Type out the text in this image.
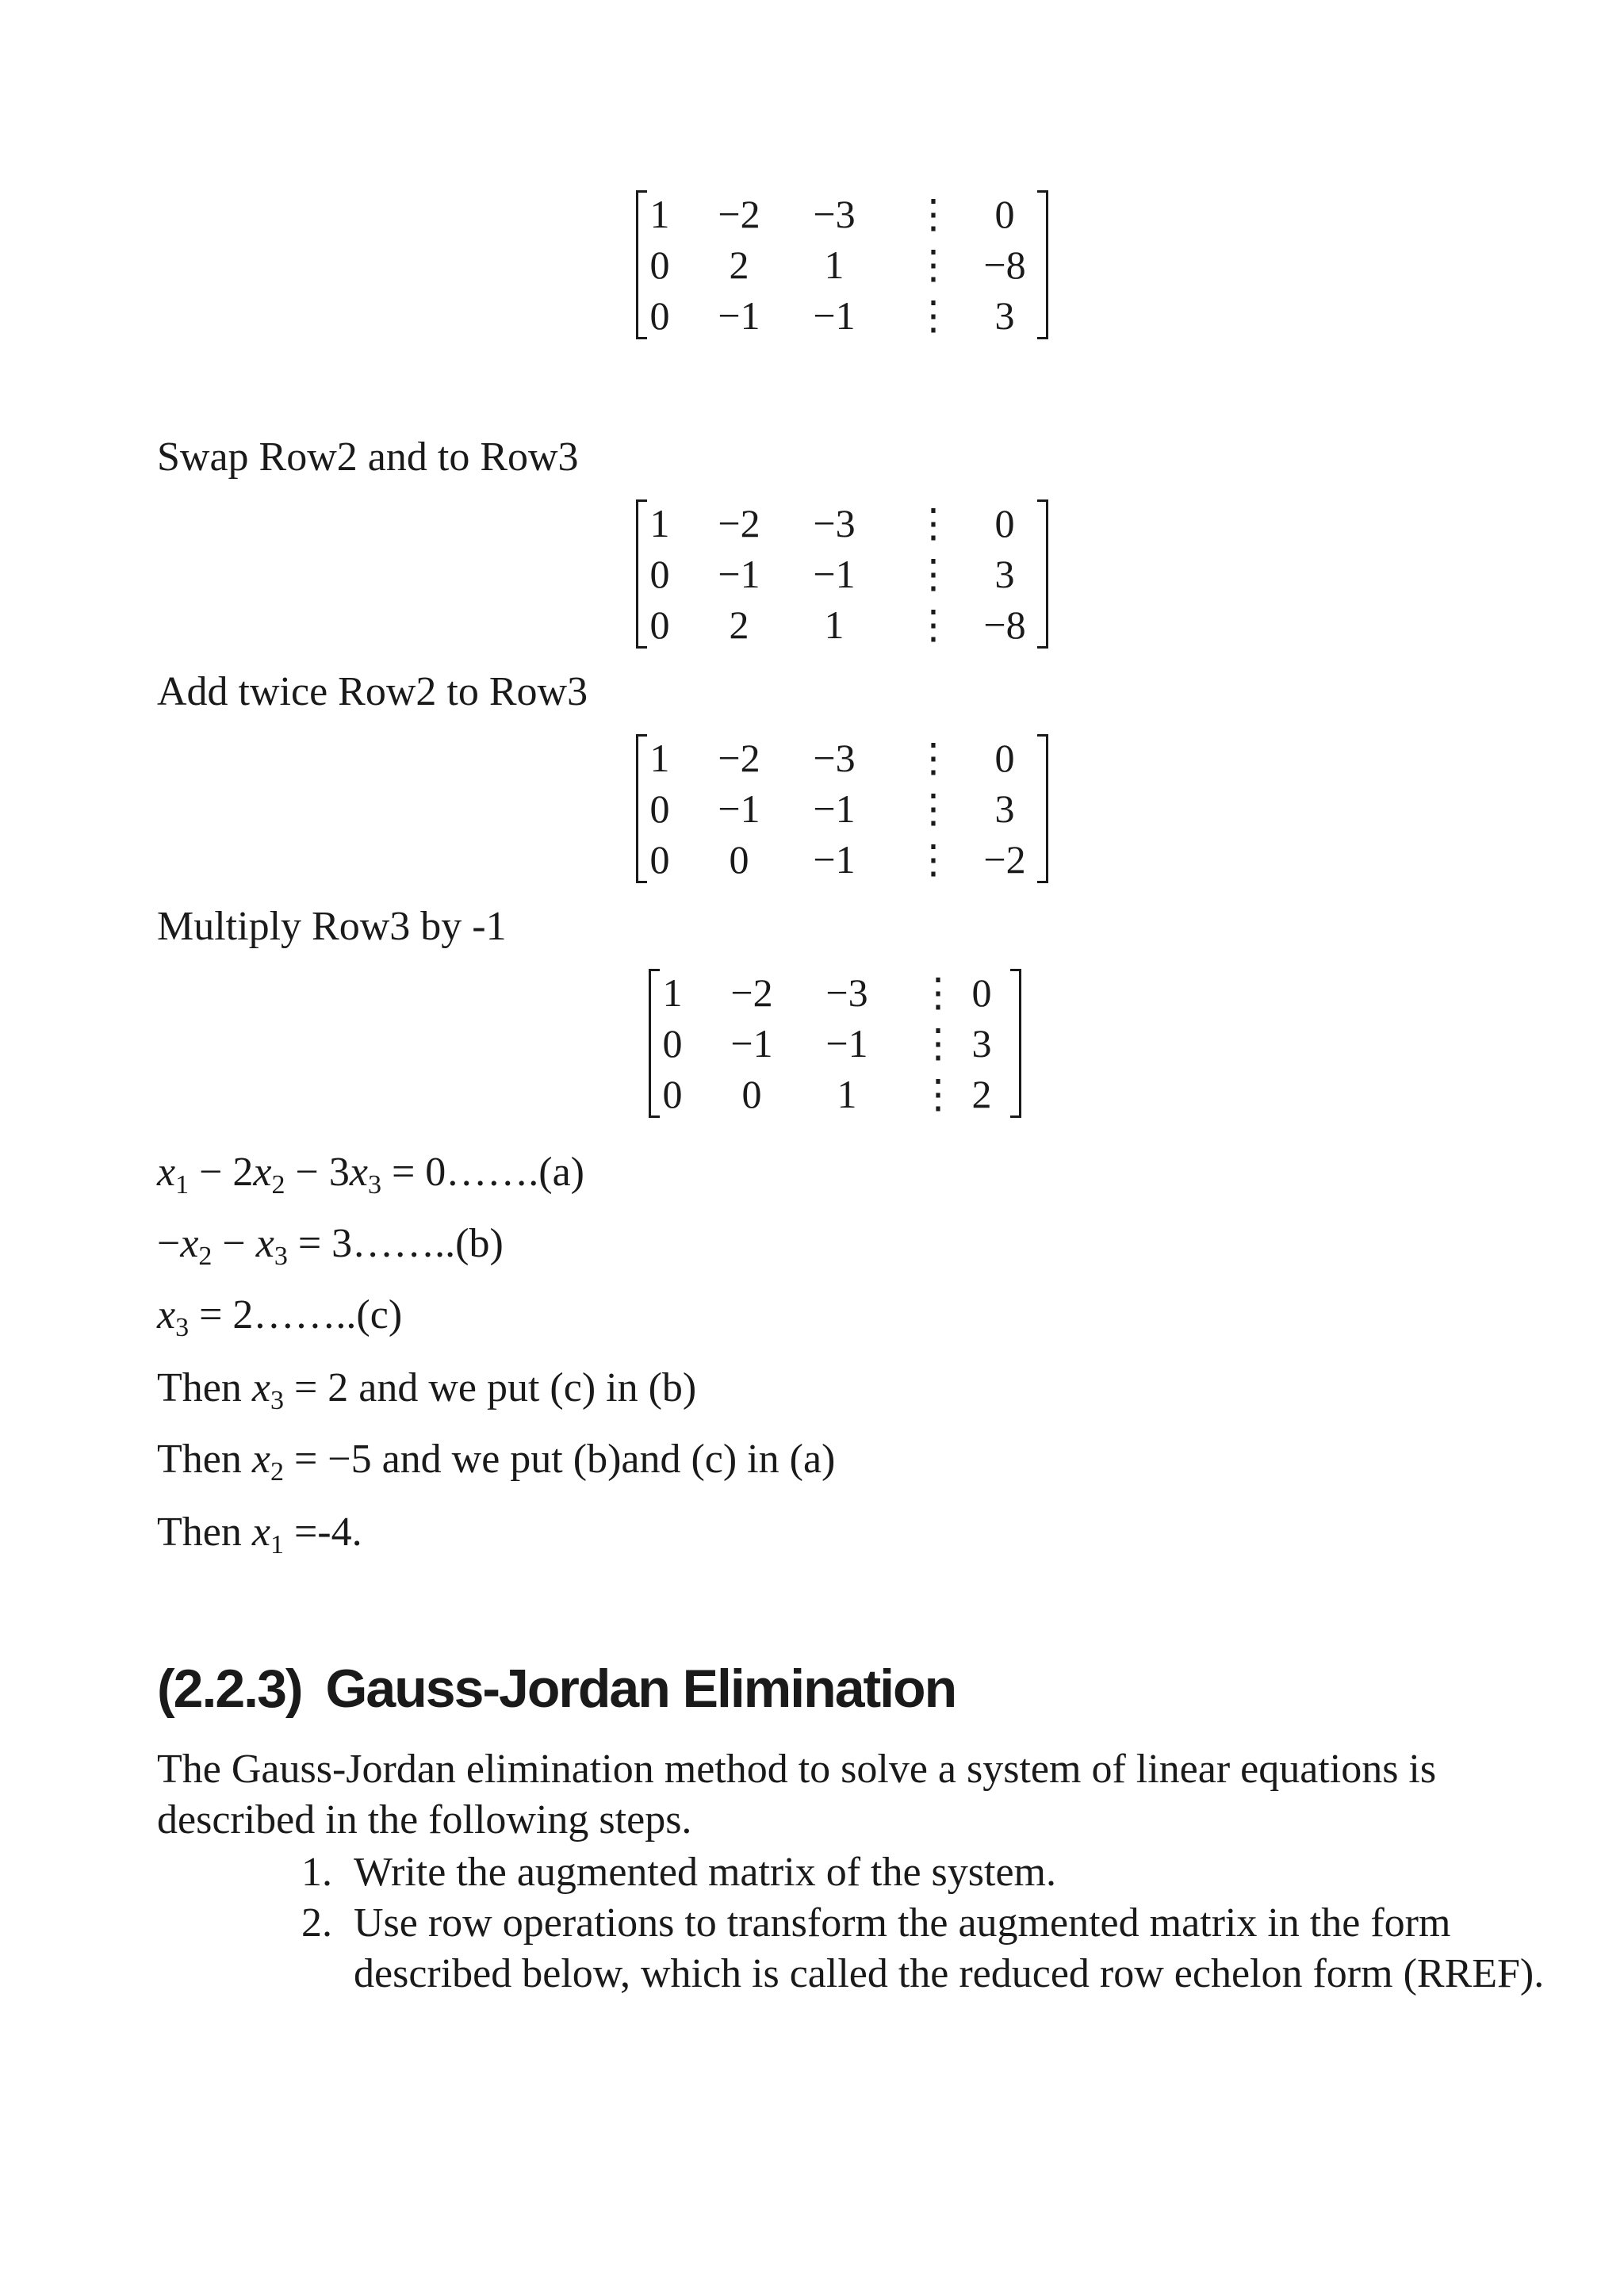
1	−2	−3	⋮	0
0	2	1	⋮ −8
0	−1	−1	⋮	3
Swap Row2 and to Row3
1	−2	−3	⋮	0
0	−1	−1	⋮	3
0	2	1	⋮ −8
Add twice Row2 to Row3
1	−2	−3	⋮	0
0	−1	−1	⋮	3
0	0	−1	⋮ −2
Multiply Row3 by -1
1	−2	−3	⋮ 0
0	−1	−1	⋮ 3
0	0	1	⋮ 2
$x_1 - 2x_2 - 3x_3$ = 0…….(a)
$-x_2 - x_3$ = 3……..(b)
$x_3$ = 2……..(c)
Then $x_3 = 2$ and we put (c) in (b)
Then $x_2 = -5$ and we put (b)and (c) in (a)
Then $x_1 =-4$.
(2.2.3) Gauss-Jordan Elimination
The Gauss-Jordan elimination method to solve a system of linear equations is described in the following steps.
1. Write the augmented matrix of the system.
2. Use row operations to transform the augmented matrix in the form described below, which is called the reduced row echelon form (RREF).
